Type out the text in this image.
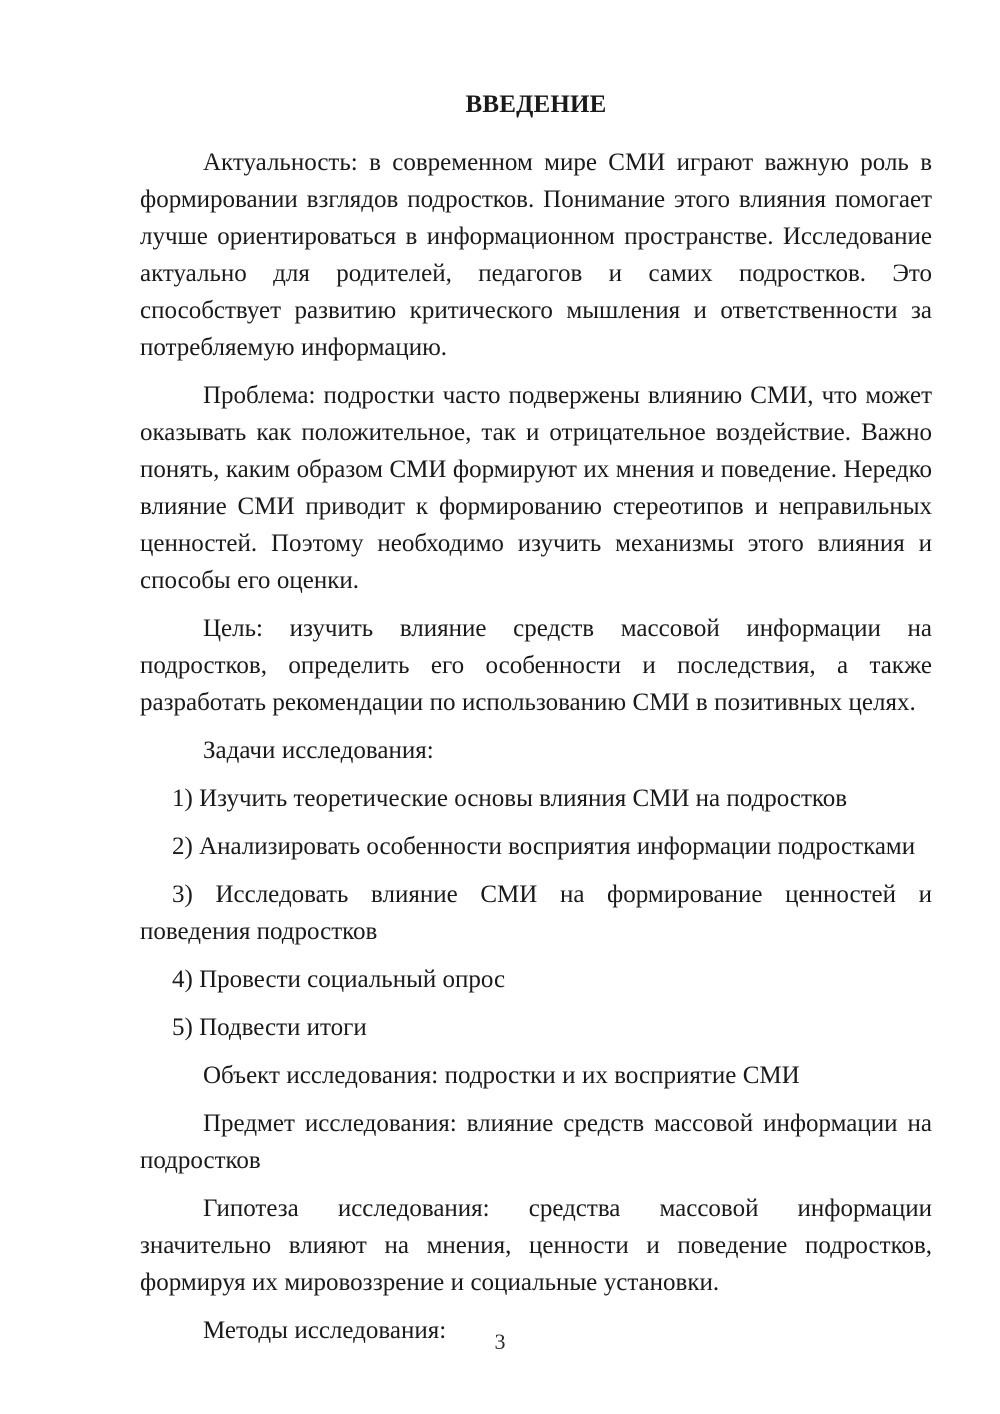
ВВЕДЕНИЕ

Актуальность: в современном мире СМИ играют важную роль в формировании взглядов подростков. Понимание этого влияния помогает лучше ориентироваться в информационном пространстве. Исследование актуально для родителей, педагогов и самих подростков. Это способствует развитию критического мышления и ответственности за потребляемую информацию.

Проблема: подростки часто подвержены влиянию СМИ, что может оказывать как положительное, так и отрицательное воздействие. Важно понять, каким образом СМИ формируют их мнения и поведение. Нередко влияние СМИ приводит к формированию стереотипов и неправильных ценностей. Поэтому необходимо изучить механизмы этого влияния и способы его оценки.

Цель: изучить влияние средств массовой информации на подростков, определить его особенности и последствия, а также разработать рекомендации по использованию СМИ в позитивных целях.

Задачи исследования:

1) Изучить теоретические основы влияния СМИ на подростков

2) Анализировать особенности восприятия информации подростками

3) Исследовать влияние СМИ на формирование ценностей и поведения подростков

4) Провести социальный опрос

5) Подвести итоги

Объект исследования: подростки и их восприятие СМИ

Предмет исследования: влияние средств массовой информации на подростков

Гипотеза исследования: средства массовой информации значительно влияют на мнения, ценности и поведение подростков, формируя их мировоззрение и социальные установки.

Методы исследования:	3
